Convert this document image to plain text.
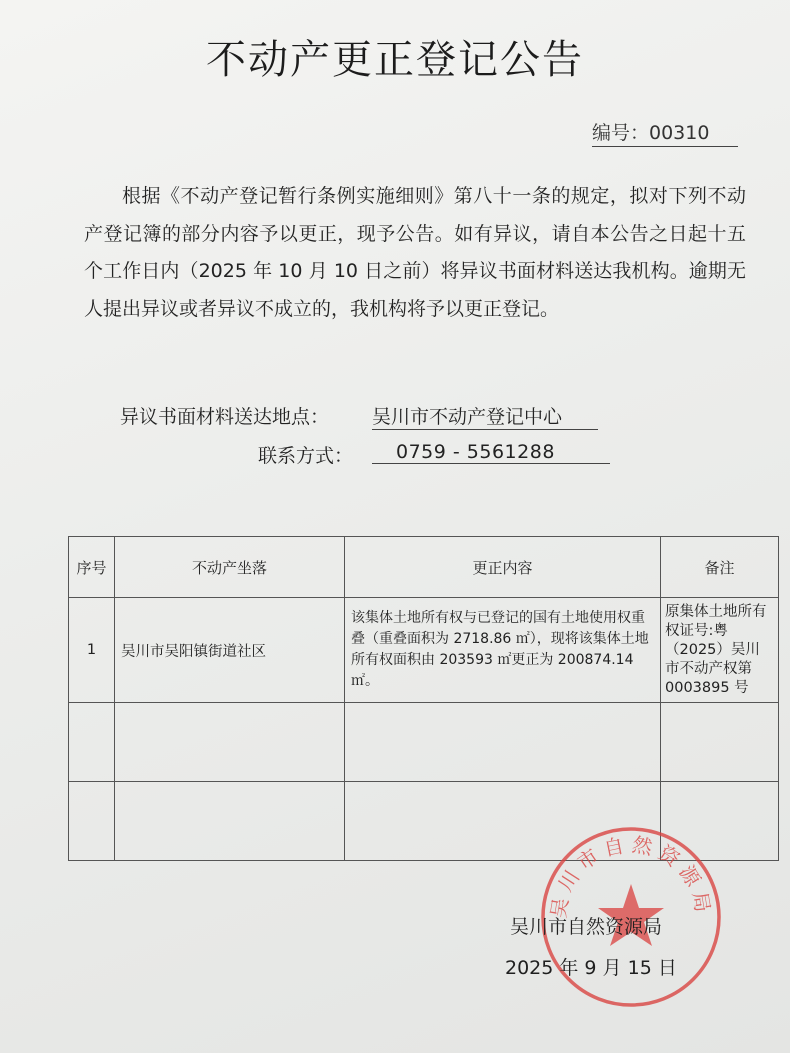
不动产更正登记公告
编号：00310

根据《不动产登记暂行条例实施细则》第八十一条的规定，拟对下列不动产登记簿的部分内容予以更正，现予公告。如有异议，请自本公告之日起十五个工作日内（2025 年 10 月 10 日之前）将异议书面材料送达我机构。逾期无人提出异议或者异议不成立的，我机构将予以更正登记。

异议书面材料送达地点： 吴川市不动产登记中心
联系方式：	0759 - 5561288
序号	不动产坐落	更正内容	备注
1	吴川市吴阳镇街道社区	该集体土地所有权与已登记的国有土地使用权重叠（重叠面积为 2718.86 ㎡），现将该集体土地所有权面积由 203593 ㎡更正为 200874.14 ㎡。	原集体土地所有权证号:粤（2025）吴川市不动产权第 0003895 号

吴川市自然资源局
吴川市自然资源局
2025 年 9 月 15 日
